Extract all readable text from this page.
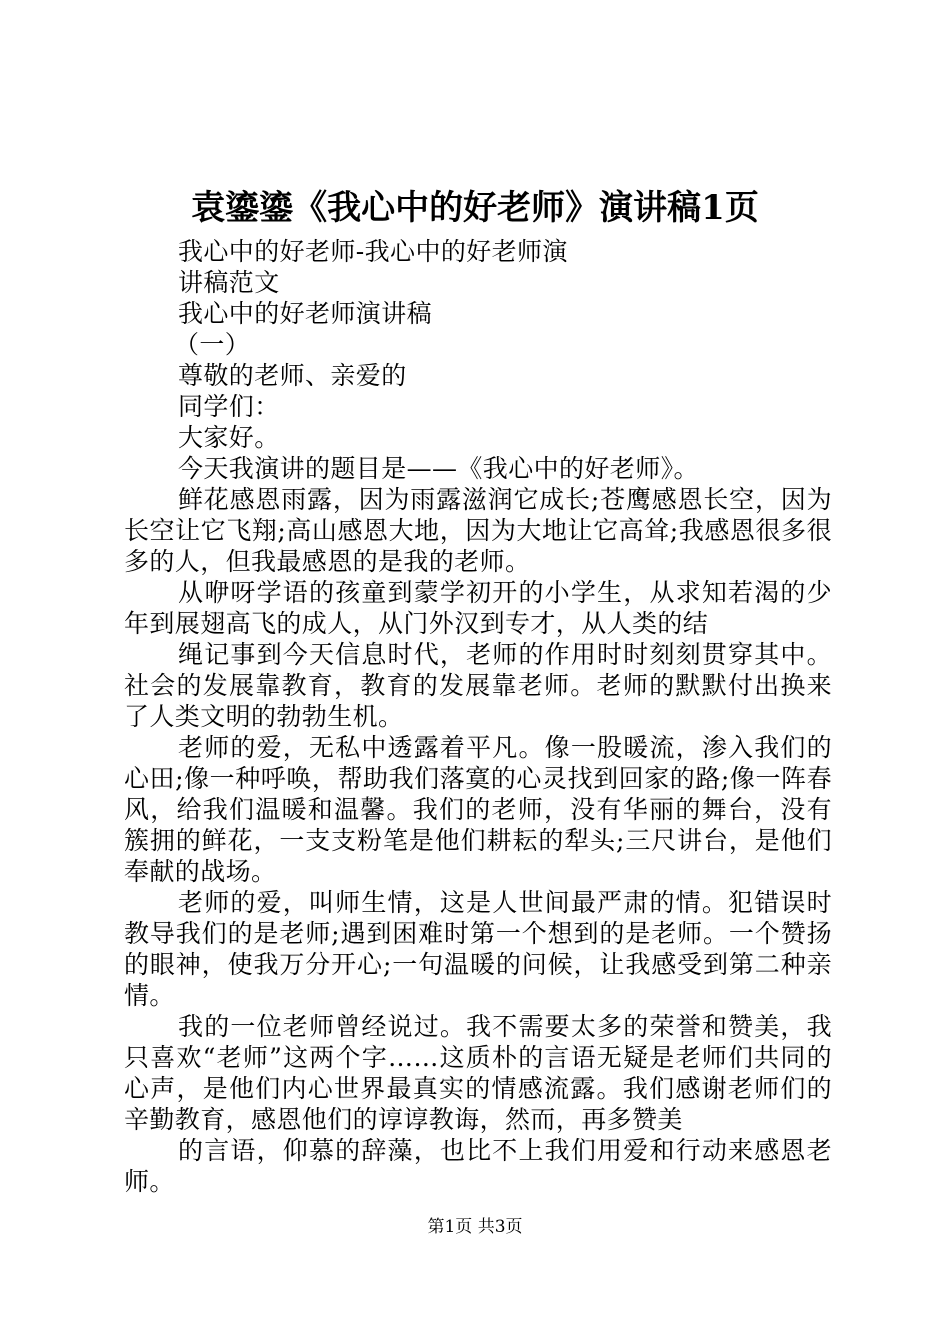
袁鎏鎏《我心中的好老师》演讲稿1页
我心中的好老师-我心中的好老师演
讲稿范文
我心中的好老师演讲稿
（一）
尊敬的老师、亲爱的
同学们：
大家好。
今天我演讲的题目是——《我心中的好老师》。

鲜花感恩雨露，因为雨露滋润它成长;苍鹰感恩长空，因为长空让它飞翔;高山感恩大地，因为大地让它高耸;我感恩很多很多的人，但我最感恩的是我的老师。

从咿呀学语的孩童到蒙学初开的小学生，从求知若渴的少年到展翅高飞的成人，从门外汉到专才，从人类的结

绳记事到今天信息时代，老师的作用时时刻刻贯穿其中。社会的发展靠教育，教育的发展靠老师。老师的默默付出换来了人类文明的勃勃生机。

老师的爱，无私中透露着平凡。像一股暖流，渗入我们的心田;像一种呼唤，帮助我们落寞的心灵找到回家的路;像一阵春风，给我们温暖和温馨。我们的老师，没有华丽的舞台，没有簇拥的鲜花，一支支粉笔是他们耕耘的犁头;三尺讲台，是他们奉献的战场。

老师的爱，叫师生情，这是人世间最严肃的情。犯错误时教导我们的是老师;遇到困难时第一个想到的是老师。一个赞扬的眼神，使我万分开心;一句温暖的问候，让我感受到第二种亲情。

我的一位老师曾经说过。我不需要太多的荣誉和赞美，我只喜欢“老师”这两个字……这质朴的言语无疑是老师们共同的心声，是他们内心世界最真实的情感流露。我们感谢老师们的辛勤教育，感恩他们的谆谆教诲，然而，再多赞美

的言语，仰慕的辞藻，也比不上我们用爱和行动来感恩老师。

第1页 共3页
